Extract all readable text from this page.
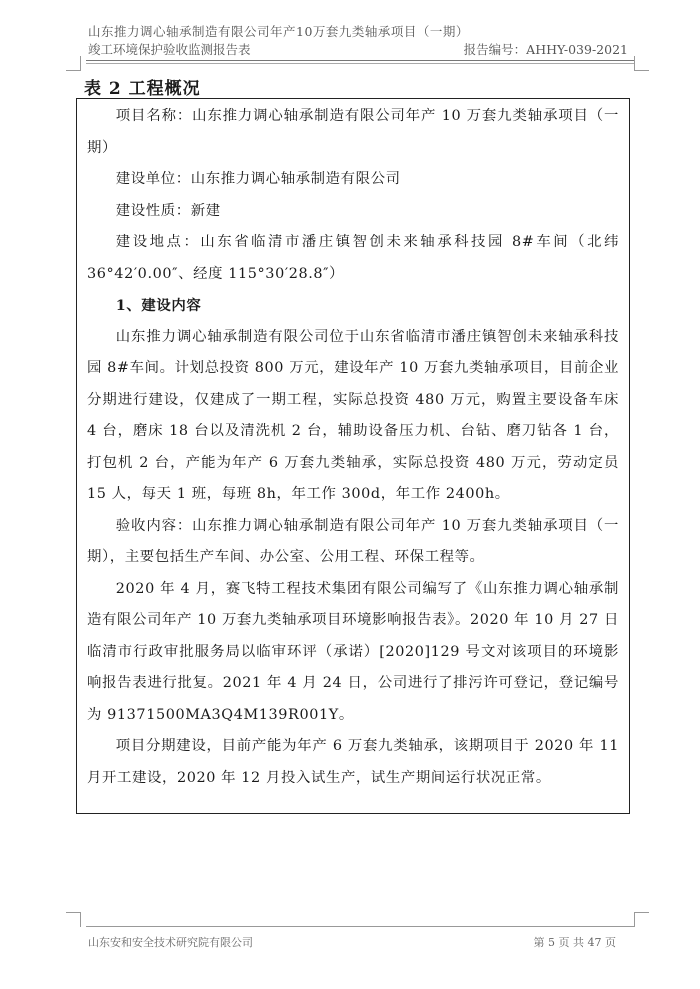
山东推力调心轴承制造有限公司年产10万套九类轴承项目（一期）
竣工环境保护验收监测报告表	报告编号：AHHY-039-2021
表 2 工程概况

项目名称：山东推力调心轴承制造有限公司年产 10 万套九类轴承项目（一期）

建设单位：山东推力调心轴承制造有限公司

建设性质：新建

建设地点：山东省临清市潘庄镇智创未来轴承科技园 8#车间（北纬 36°42′0.00″、经度 115°30′28.8″）

1、建设内容

山东推力调心轴承制造有限公司位于山东省临清市潘庄镇智创未来轴承科技园 8#车间。计划总投资 800 万元，建设年产 10 万套九类轴承项目，目前企业分期进行建设，仅建成了一期工程，实际总投资 480 万元，购置主要设备车床 4 台，磨床 18 台以及清洗机 2 台，辅助设备压力机、台钻、磨刀钻各 1 台，打包机 2 台，产能为年产 6 万套九类轴承，实际总投资 480 万元，劳动定员 15 人，每天 1 班，每班 8h，年工作 300d，年工作 2400h。

验收内容：山东推力调心轴承制造有限公司年产 10 万套九类轴承项目（一期），主要包括生产车间、办公室、公用工程、环保工程等。

2020 年 4 月，赛飞特工程技术集团有限公司编写了《山东推力调心轴承制造有限公司年产 10 万套九类轴承项目环境影响报告表》。2020 年 10 月 27 日临清市行政审批服务局以临审环评（承诺）[2020]129 号文对该项目的环境影响报告表进行批复。2021 年 4 月 24 日，公司进行了排污许可登记，登记编号为 91371500MA3Q4M139R001Y。

项目分期建设，目前产能为年产 6 万套九类轴承，该期项目于 2020 年 11 月开工建设，2020 年 12 月投入试生产，试生产期间运行状况正常。

山东安和安全技术研究院有限公司	第 5 页 共 47 页
